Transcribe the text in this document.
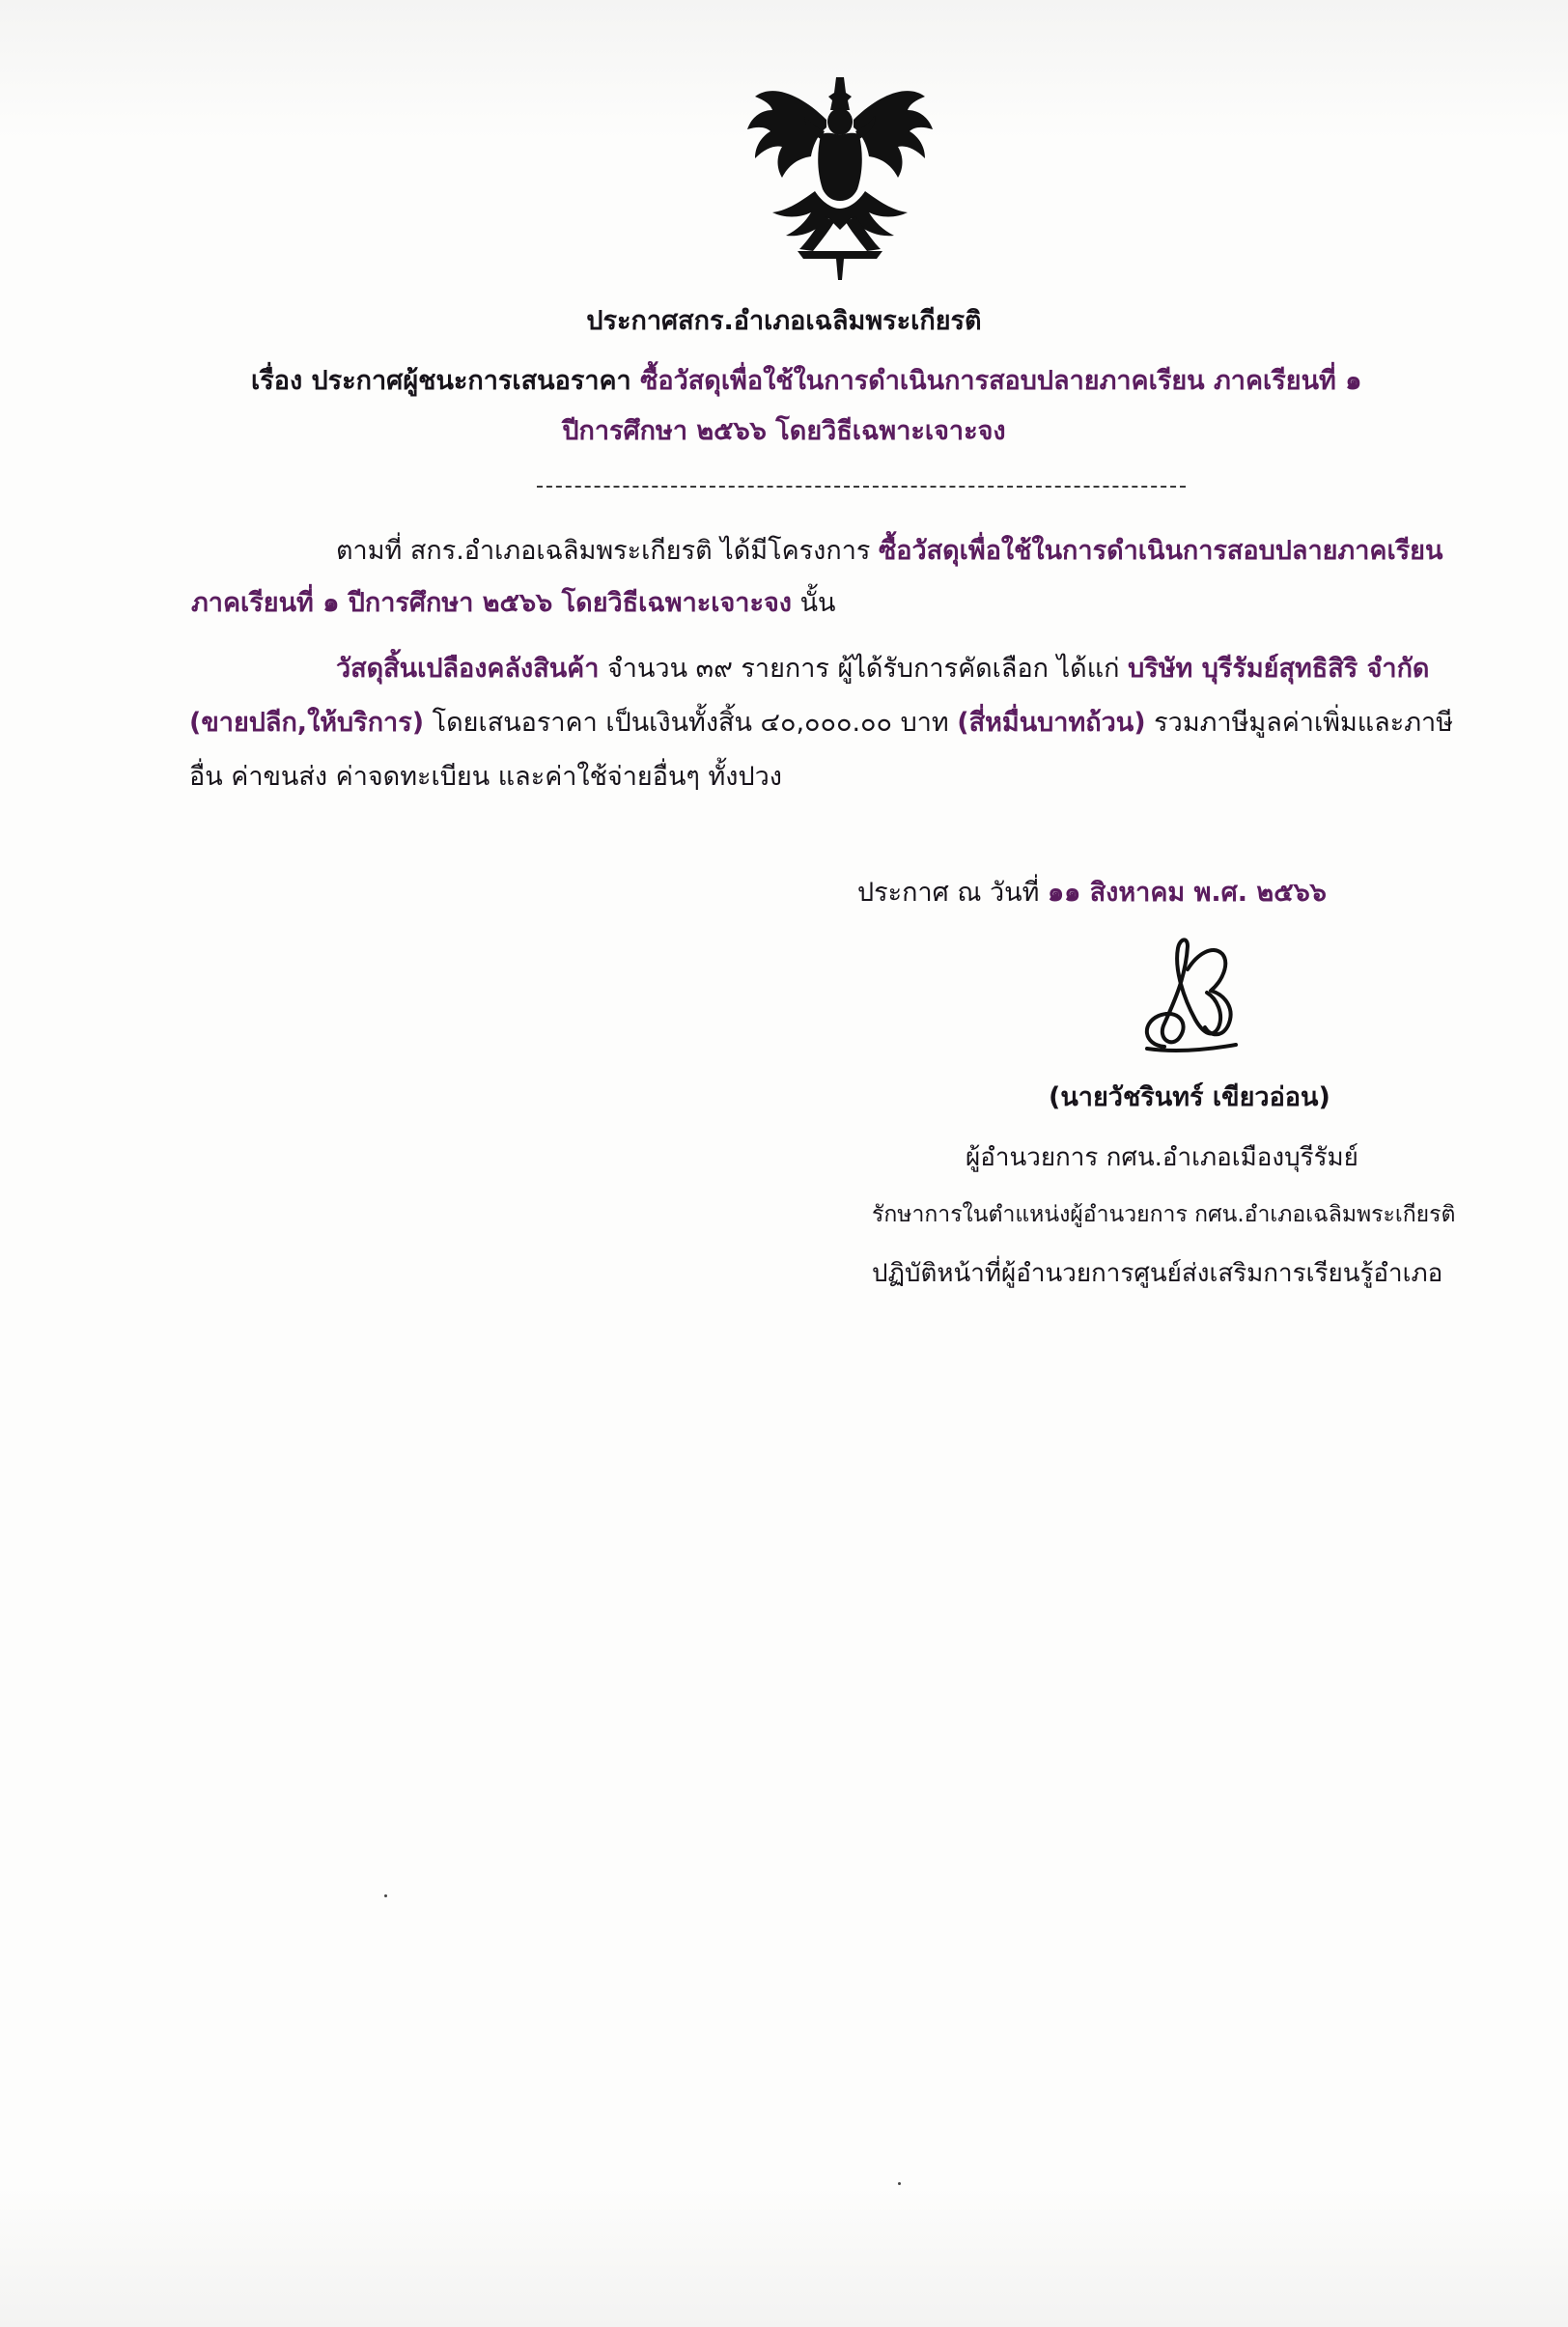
ประกาศสกร.อำเภอเฉลิมพระเกียรติ
เรื่อง ประกาศผู้ชนะการเสนอราคา ซื้อวัสดุเพื่อใช้ในการดำเนินการสอบปลายภาคเรียน ภาคเรียนที่ ๑
ปีการศึกษา ๒๕๖๖ โดยวิธีเฉพาะเจาะจง
ตามที่ สกร.อำเภอเฉลิมพระเกียรติ ได้มีโครงการ ซื้อวัสดุเพื่อใช้ในการดำเนินการสอบปลายภาคเรียน
ภาคเรียนที่ ๑ ปีการศึกษา ๒๕๖๖ โดยวิธีเฉพาะเจาะจง นั้น
วัสดุสิ้นเปลืองคลังสินค้า จำนวน ๓๙ รายการ ผู้ได้รับการคัดเลือก ได้แก่ บริษัท บุรีรัมย์สุทธิสิริ จำกัด
(ขายปลีก,ให้บริการ) โดยเสนอราคา เป็นเงินทั้งสิ้น ๔๐,๐๐๐.๐๐ บาท (สี่หมื่นบาทถ้วน) รวมภาษีมูลค่าเพิ่มและภาษี
อื่น ค่าขนส่ง ค่าจดทะเบียน และค่าใช้จ่ายอื่นๆ ทั้งปวง
ประกาศ ณ วันที่ ๑๑ สิงหาคม พ.ศ. ๒๕๖๖
(นายวัชรินทร์ เขียวอ่อน)
ผู้อำนวยการ กศน.อำเภอเมืองบุรีรัมย์
รักษาการในตำแหน่งผู้อำนวยการ กศน.อำเภอเฉลิมพระเกียรติ
ปฏิบัติหน้าที่ผู้อำนวยการศูนย์ส่งเสริมการเรียนรู้อำเภอ
